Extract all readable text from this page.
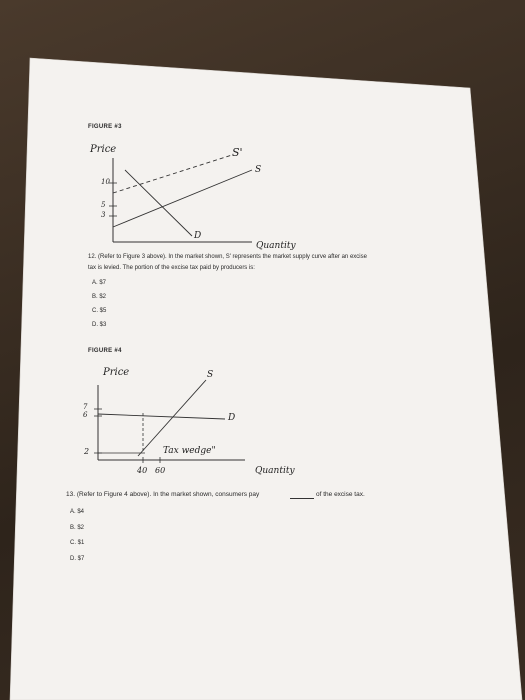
FIGURE #3
Price
10
5
3
S'
S
D
Quantity
12. (Refer to Figure 3 above). In the market shown, S' represents the market supply curve after an excise
tax is levied. The portion of the excise tax paid by producers is:
A. $7
B. $2
C. $5
D. $3
FIGURE #4
Price
7
6
2
S
D
Tax wedge"
40 60	Quantity
13. (Refer to Figure 4 above). In the market shown, consumers pay	of the excise tax.
A. $4
B. $2
C. $1
D. $7
